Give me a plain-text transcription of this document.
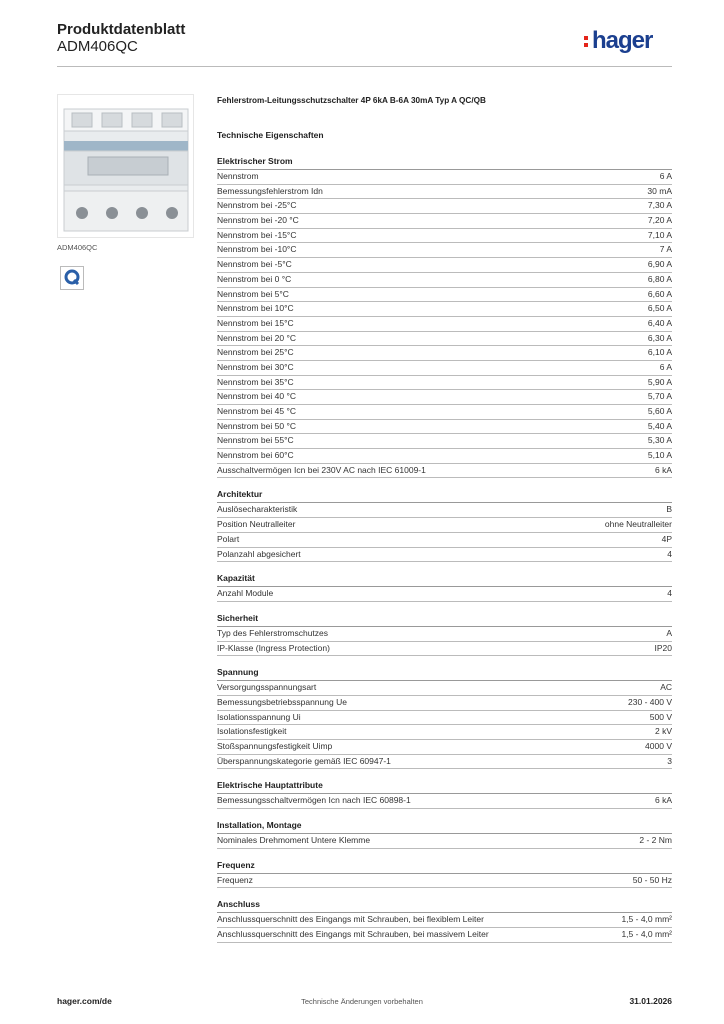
Produktdatenblatt
ADM406QC	hager
ADM406QC
Fehlerstrom-Leitungsschutzschalter 4P 6kA B-6A 30mA Typ A QC/QB
Technische Eigenschaften
Elektrischer Strom
Nennstrom	6 A
Bemessungsfehlerstrom Idn	30 mA
Nennstrom bei -25°C	7,30 A
Nennstrom bei -20 °C	7,20 A
Nennstrom bei -15°C	7,10 A
Nennstrom bei -10°C	7 A
Nennstrom bei -5°C	6,90 A
Nennstrom bei 0 °C	6,80 A
Nennstrom bei 5°C	6,60 A
Nennstrom bei 10°C	6,50 A
Nennstrom bei 15°C	6,40 A
Nennstrom bei 20 °C	6,30 A
Nennstrom bei 25°C	6,10 A
Nennstrom bei 30°C	6 A
Nennstrom bei 35°C	5,90 A
Nennstrom bei 40 °C	5,70 A
Nennstrom bei 45 °C	5,60 A
Nennstrom bei 50 °C	5,40 A
Nennstrom bei 55°C	5,30 A
Nennstrom bei 60°C	5,10 A
Ausschaltvermögen Icn bei 230V AC nach IEC 61009-1	6 kA
Architektur
Auslösecharakteristik	B
Position Neutralleiter	ohne Neutralleiter
Polart	4P
Polanzahl abgesichert	4
Kapazität
Anzahl Module	4
Sicherheit
Typ des Fehlerstromschutzes	A
IP-Klasse (Ingress Protection)	IP20
Spannung
Versorgungsspannungsart	AC
Bemessungsbetriebsspannung Ue	230 - 400 V
Isolationsspannung Ui	500 V
Isolationsfestigkeit	2 kV
Stoßspannungsfestigkeit Uimp	4000 V
Überspannungskategorie gemäß IEC 60947-1	3
Elektrische Hauptattribute
Bemessungsschaltvermögen Icn nach IEC 60898-1	6 kA
Installation, Montage
Nominales Drehmoment Untere Klemme	2 - 2 Nm
Frequenz
Frequenz	50 - 50 Hz
Anschluss
Anschlussquerschnitt des Eingangs mit Schrauben, bei flexiblem Leiter	1,5 - 4,0 mm²
Anschlussquerschnitt des Eingangs mit Schrauben, bei massivem Leiter	1,5 - 4,0 mm²
hager.com/de	Technische Änderungen vorbehalten	31.01.2026
